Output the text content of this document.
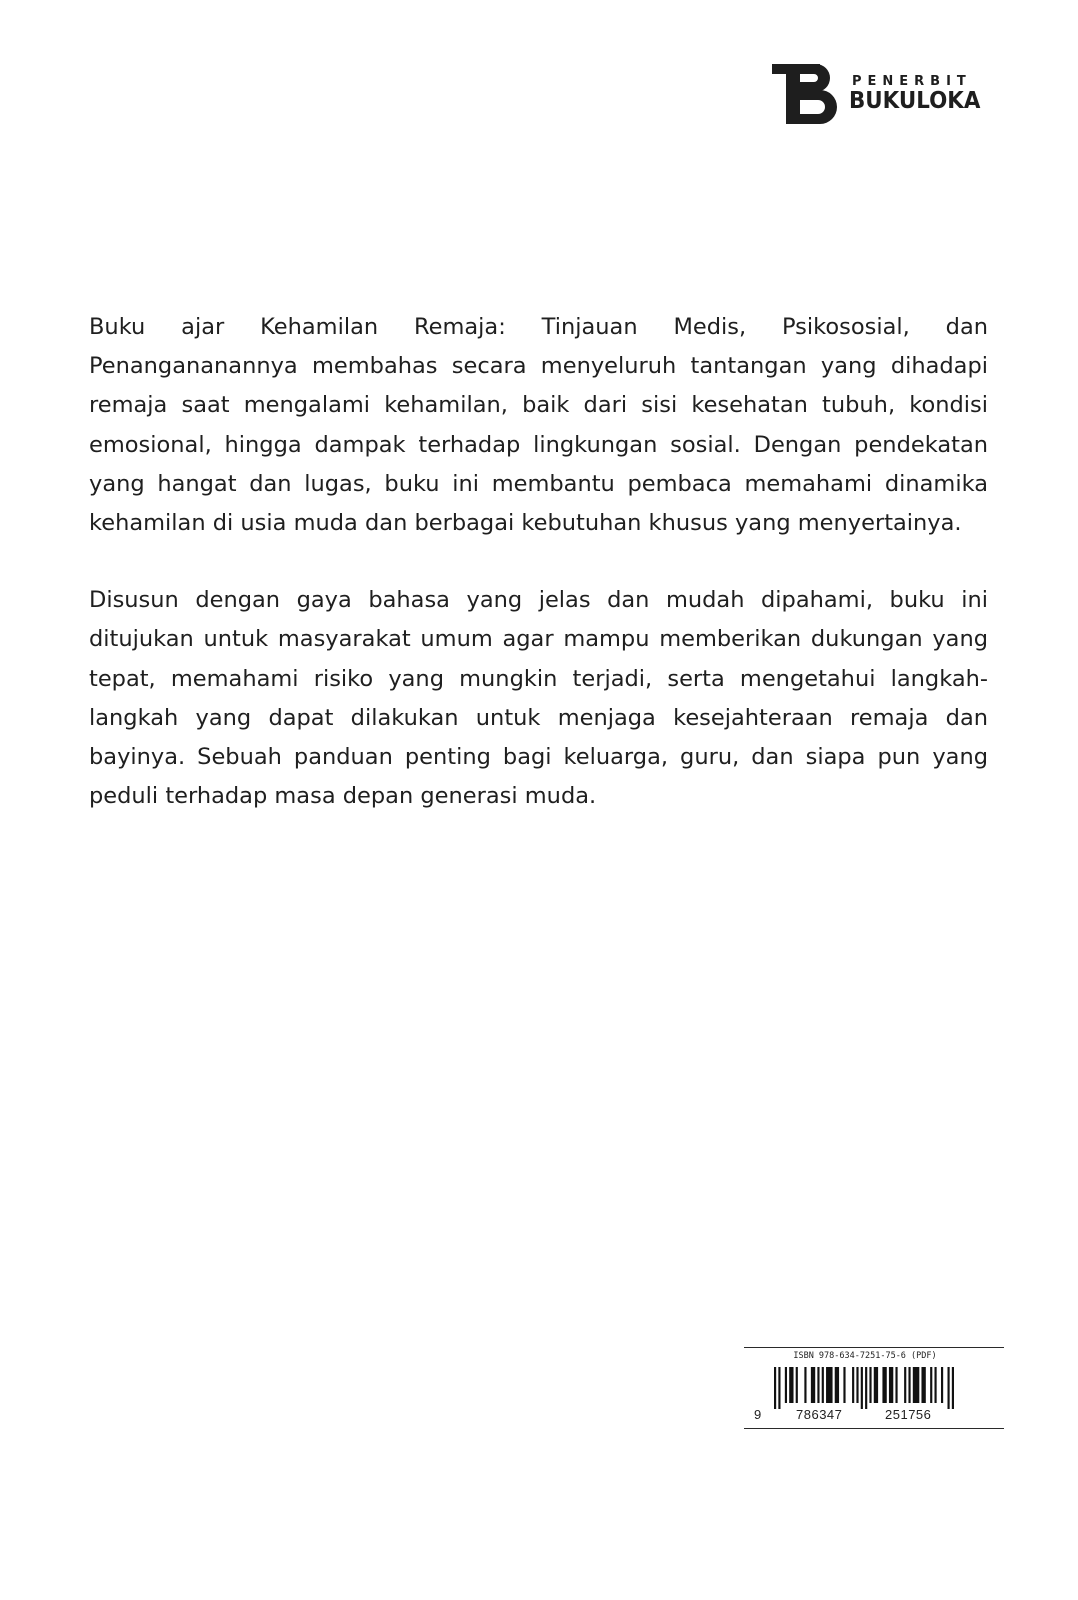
PENERBIT
BUKULOKA

Buku ajar Kehamilan Remaja: Tinjauan Medis, Psikososial, dan Penangananannya membahas secara menyeluruh tantangan yang dihadapi remaja saat mengalami kehamilan, baik dari sisi kesehatan tubuh, kondisi emosional, hingga dampak terhadap lingkungan sosial. Dengan pendekatan yang hangat dan lugas, buku ini membantu pembaca memahami dinamika kehamilan di usia muda dan berbagai kebutuhan khusus yang menyertainya.

Disusun dengan gaya bahasa yang jelas dan mudah dipahami, buku ini ditujukan untuk masyarakat umum agar mampu memberikan dukungan yang tepat, memahami risiko yang mungkin terjadi, serta mengetahui langkah-langkah yang dapat dilakukan untuk menjaga kesejahteraan remaja dan bayinya. Sebuah panduan penting bagi keluarga, guru, dan siapa pun yang peduli terhadap masa depan generasi muda.

ISBN 978-634-7251-75-6 (PDF)
9	786347	251756
